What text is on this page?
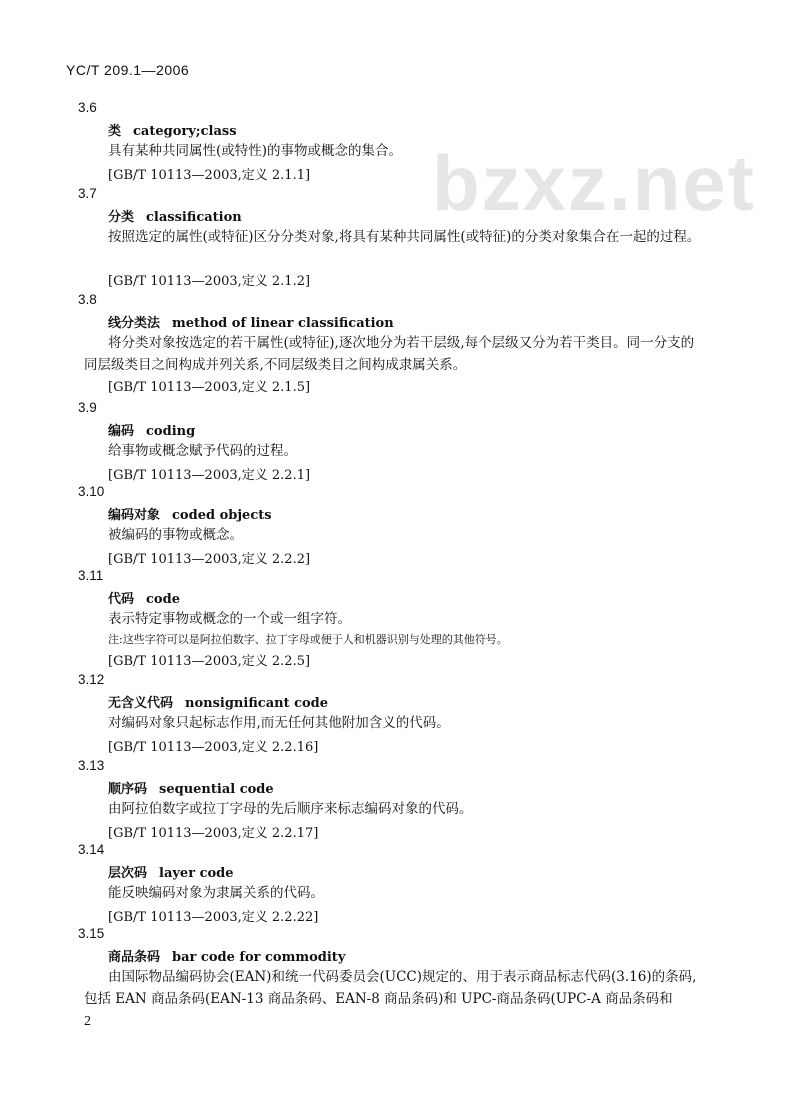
YC/T 209.1—2006
bzxz.net
3.6
类 category;class
具有某种共同属性(或特性)的事物或概念的集合。
[GB/T 10113—2003,定义 2.1.1]
3.7
分类 classification
按照选定的属性(或特征)区分分类对象,将具有某种共同属性(或特征)的分类对象集合在一起的过程。
[GB/T 10113—2003,定义 2.1.2]
3.8
线分类法 method of linear classification
将分类对象按选定的若干属性(或特征),逐次地分为若干层级,每个层级又分为若干类目。同一分支的同层级类目之间构成并列关系,不同层级类目之间构成隶属关系。
[GB/T 10113—2003,定义 2.1.5]
3.9
编码 coding
给事物或概念赋予代码的过程。
[GB/T 10113—2003,定义 2.2.1]
3.10
编码对象 coded objects
被编码的事物或概念。
[GB/T 10113—2003,定义 2.2.2]
3.11
代码 code
表示特定事物或概念的一个或一组字符。
注:这些字符可以是阿拉伯数字、拉丁字母或便于人和机器识别与处理的其他符号。
[GB/T 10113—2003,定义 2.2.5]
3.12
无含义代码 nonsignificant code
对编码对象只起标志作用,而无任何其他附加含义的代码。
[GB/T 10113—2003,定义 2.2.16]
3.13
顺序码 sequential code
由阿拉伯数字或拉丁字母的先后顺序来标志编码对象的代码。
[GB/T 10113—2003,定义 2.2.17]
3.14
层次码 layer code
能反映编码对象为隶属关系的代码。
[GB/T 10113—2003,定义 2.2.22]
3.15
商品条码 bar code for commodity
由国际物品编码协会(EAN)和统一代码委员会(UCC)规定的、用于表示商品标志代码(3.16)的条码,包括 EAN 商品条码(EAN-13 商品条码、EAN-8 商品条码)和 UPC-商品条码(UPC-A 商品条码和
2
